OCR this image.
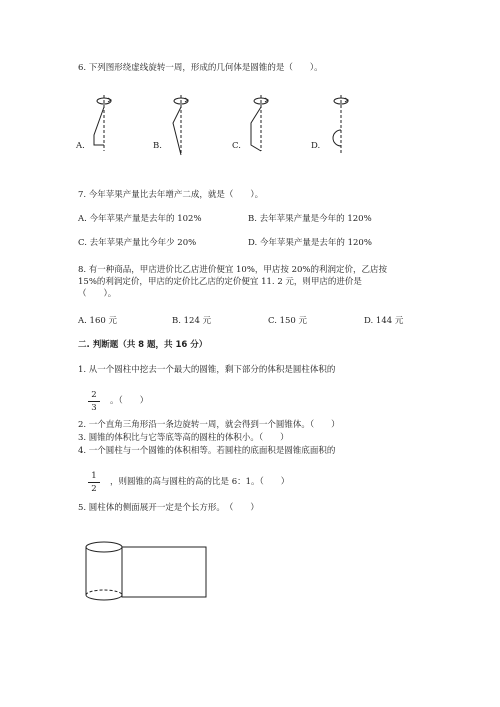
6. 下列图形绕虚线旋转一周，形成的几何体是圆锥的是（　　）。
A.	B.	C.	D.
7. 今年苹果产量比去年增产二成，就是（　　）。
A. 今年苹果产量是去年的 102%	B. 去年苹果产量是今年的 120%
C. 去年苹果产量比今年少 20%	D. 今年苹果产量是去年的 120%
8. 有一种商品，甲店进价比乙店进价便宜 10%，甲店按 20%的利润定价，乙店按
15%的利润定价，甲店的定价比乙店的定价便宜 11. 2 元，则甲店的进价是
（　　）。
A. 160 元	B. 124 元	C. 150 元	D. 144 元
二. 判断题（共 8 题，共 16 分）
1. 从一个圆柱中挖去一个最大的圆锥，剩下部分的体积是圆柱体积的
2
3
。（　　）
2. 一个直角三角形沿一条边旋转一周，就会得到一个圆锥体。（　　）
3. 圆锥的体积比与它等底等高的圆柱的体积小。（　　）
4. 一个圆柱与一个圆锥的体积相等。若圆柱的底面积是圆锥底面积的
1
2
，则圆锥的高与圆柱的高的比是 6：1。（　　）
5. 圆柱体的侧面展开一定是个长方形。　（　　）
